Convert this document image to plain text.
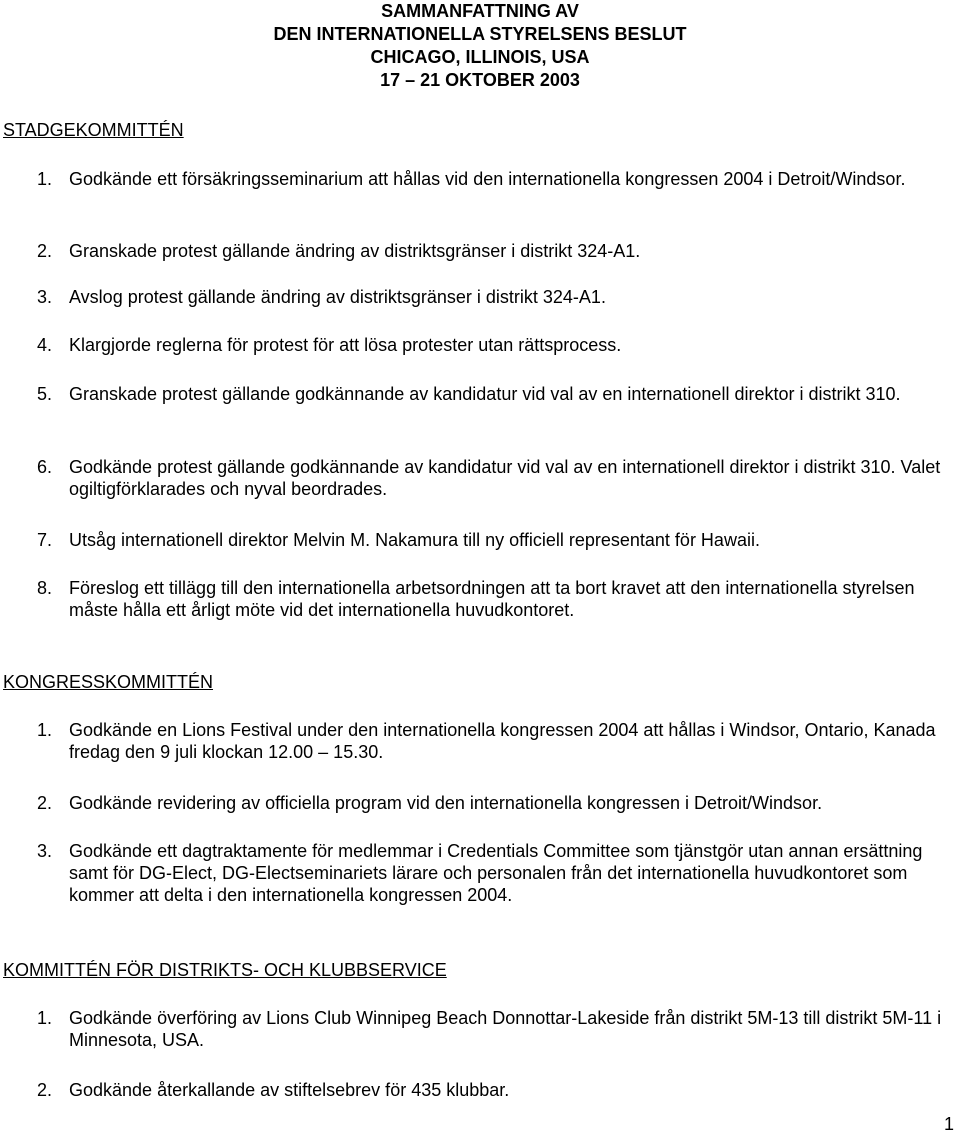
SAMMANFATTNING AV
DEN INTERNATIONELLA STYRELSENS BESLUT
CHICAGO, ILLINOIS, USA
17 – 21 OKTOBER 2003
STADGEKOMMITTÉN
1. Godkände ett försäkringsseminarium att hållas vid den internationella kongressen 2004 i Detroit/Windsor.
2. Granskade protest gällande ändring av distriktsgränser i distrikt 324-A1.
3. Avslog protest gällande ändring av distriktsgränser i distrikt 324-A1.
4. Klargjorde reglerna för protest för att lösa protester utan rättsprocess.
5. Granskade protest gällande godkännande av kandidatur vid val av en internationell direktor i distrikt 310.
6. Godkände protest gällande godkännande av kandidatur vid val av en internationell direktor i distrikt 310. Valet ogiltigförklarades och nyval beordrades.
7. Utsåg internationell direktor Melvin M. Nakamura till ny officiell representant för Hawaii.
8. Föreslog ett tillägg till den internationella arbetsordningen att ta bort kravet att den internationella styrelsen måste hålla ett årligt möte vid det internationella huvudkontoret.
KONGRESSKOMMITTÉN
1. Godkände en Lions Festival under den internationella kongressen 2004 att hållas i Windsor, Ontario, Kanada fredag den 9 juli klockan 12.00 – 15.30.
2. Godkände revidering av officiella program vid den internationella kongressen i Detroit/Windsor.
3. Godkände ett dagtraktamente för medlemmar i Credentials Committee som tjänstgör utan annan ersättning samt för DG-Elect, DG-Electseminariets lärare och personalen från det internationella huvudkontoret som kommer att delta i den internationella kongressen 2004.
KOMMITTÉN FÖR DISTRIKTS- OCH KLUBBSERVICE
1. Godkände överföring av Lions Club Winnipeg Beach Donnottar-Lakeside från distrikt 5M-13 till distrikt 5M-11 i Minnesota, USA.
2. Godkände återkallande av stiftelsebrev för 435 klubbar.
1
